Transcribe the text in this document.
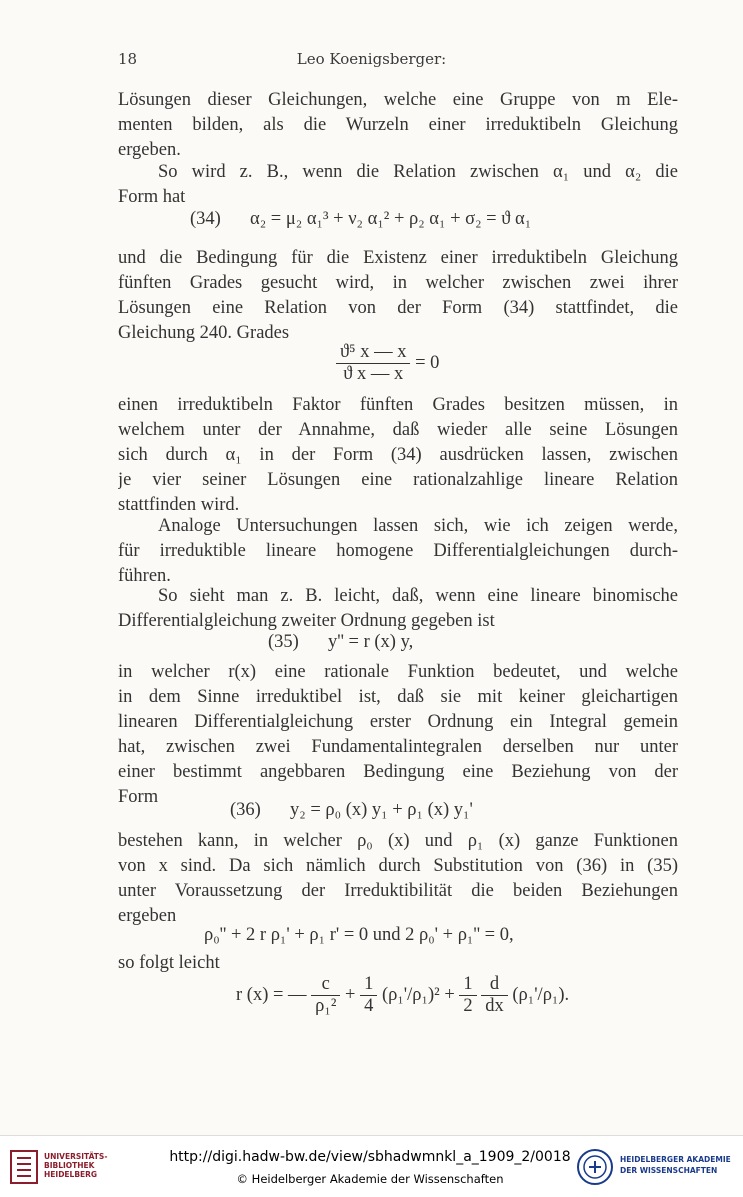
18	Leo Koenigsberger:
Lösungen dieser Gleichungen, welche eine Gruppe von m Ele-
menten bilden, als die Wurzeln einer irreduktibeln Gleichung
ergeben.
So wird z. B., wenn die Relation zwischen α₁ und α₂ die
Form hat
(34) α₂ = μ₂ α₁³ + ν₂ α₁² + ρ₂ α₁ + σ₂ = ϑ α₁
und die Bedingung für die Existenz einer irreduktibeln Gleichung
fünften Grades gesucht wird, in welcher zwischen zwei ihrer
Lösungen eine Relation von der Form (34) stattfindet, die
Gleichung 240. Grades
$\frac{\text{ϑ⁵ x — x}}{\text{ϑ x — x}} = 0$
einen irreduktibeln Faktor fünften Grades besitzen müssen, in
welchem unter der Annahme, daß wieder alle seine Lösungen
sich durch α₁ in der Form (34) ausdrücken lassen, zwischen
je vier seiner Lösungen eine rationalzahlige lineare Relation
stattfinden wird.
Analoge Untersuchungen lassen sich, wie ich zeigen werde,
für irreduktible lineare homogene Differentialgleichungen durch-
führen.
So sieht man z. B. leicht, daß, wenn eine lineare binomische
Differentialgleichung zweiter Ordnung gegeben ist
(35) y'' = r (x) y,
in welcher r(x) eine rationale Funktion bedeutet, und welche
in dem Sinne irreduktibel ist, daß sie mit keiner gleichartigen
linearen Differentialgleichung erster Ordnung ein Integral gemein
hat, zwischen zwei Fundamentalintegralen derselben nur unter
einer bestimmt angebbaren Bedingung eine Beziehung von der
Form
(36) y₂ = ρ₀ (x) y₁ + ρ₁ (x) y₁'
bestehen kann, in welcher ρ₀ (x) und ρ₁ (x) ganze Funktionen
von x sind. Da sich nämlich durch Substitution von (36) in (35)
unter Voraussetzung der Irreduktibilität die beiden Beziehungen
ergeben
ρ₀'' + 2 r ρ₁' + ρ₁ r' = 0 und 2 ρ₀' + ρ₁'' = 0,
so folgt leicht
r (x) = — $\frac{c}{\text{ρ₁²}} + \frac{1}{4} (\rho_1'/\rho_1)^2 + \frac{1}{2}$
$\frac{d}{dx} (\rho_1'/\rho_1)$.
UNIVERSITÄTS-
BIBLIOTHEK
HEIDELBERG
http://digi.hadw-bw.de/view/sbhadwmnkl_a_1909_2/0018
© Heidelberger Akademie der Wissenschaften
HEIDELBERGER AKADEMIE
DER WISSENSCHAFTEN
